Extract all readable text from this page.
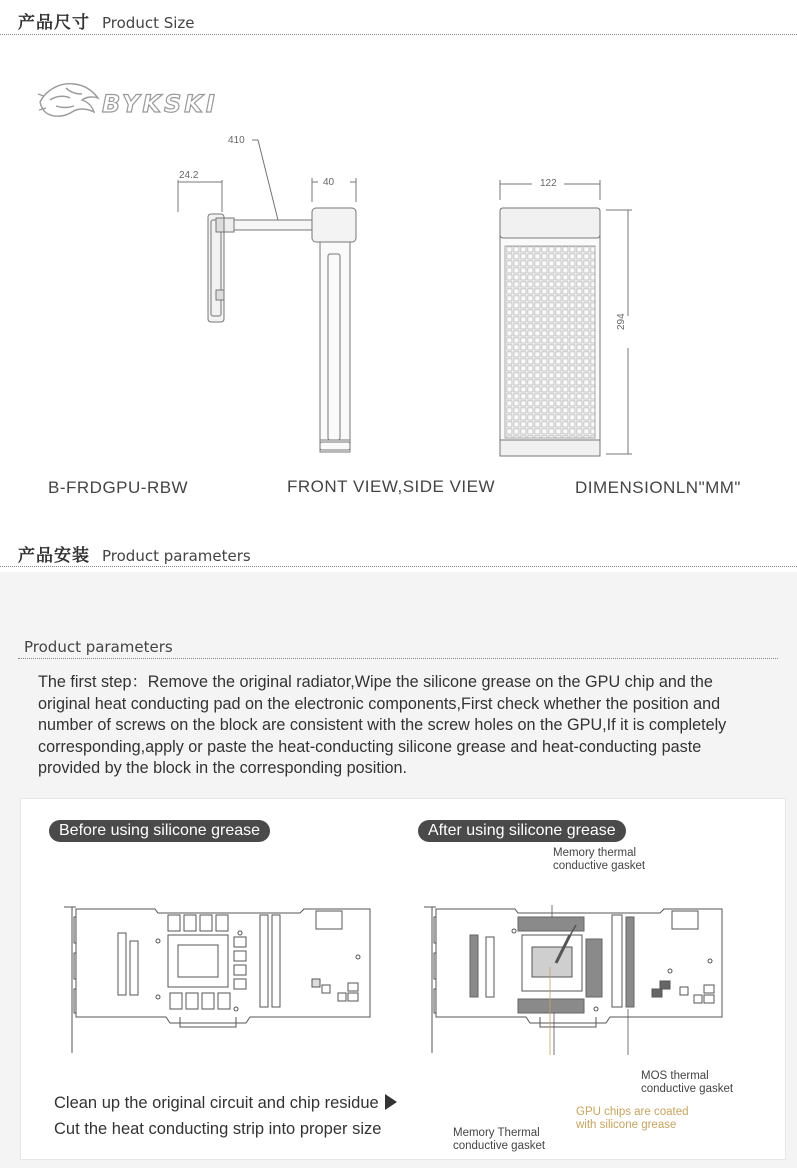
产品尺寸 Product Size
BYKSKI
24.2
410
40	122
294
B-FRDGPU-RBW	FRONT VIEW,SIDE VIEW	DIMENSIONLN"MM"
产品安装 Product parameters
Product parameters
The first step：Remove the original radiator,Wipe the silicone grease on the GPU chip and the original heat conducting pad on the electronic components,First check whether the position and number of screws on the block are consistent with the screw holes on the GPU,If it is completely corresponding,apply or paste the heat-conducting silicone grease and heat-conducting paste provided by the block in the corresponding position.
Before using silicone grease	After using silicone grease
Memory thermal
conductive gasket
MOS thermal
conductive gasket
GPU chips are coated
with silicone grease
Memory Thermal
conductive gasket
Clean up the original circuit and chip residue
Cut the heat conducting strip into proper size
